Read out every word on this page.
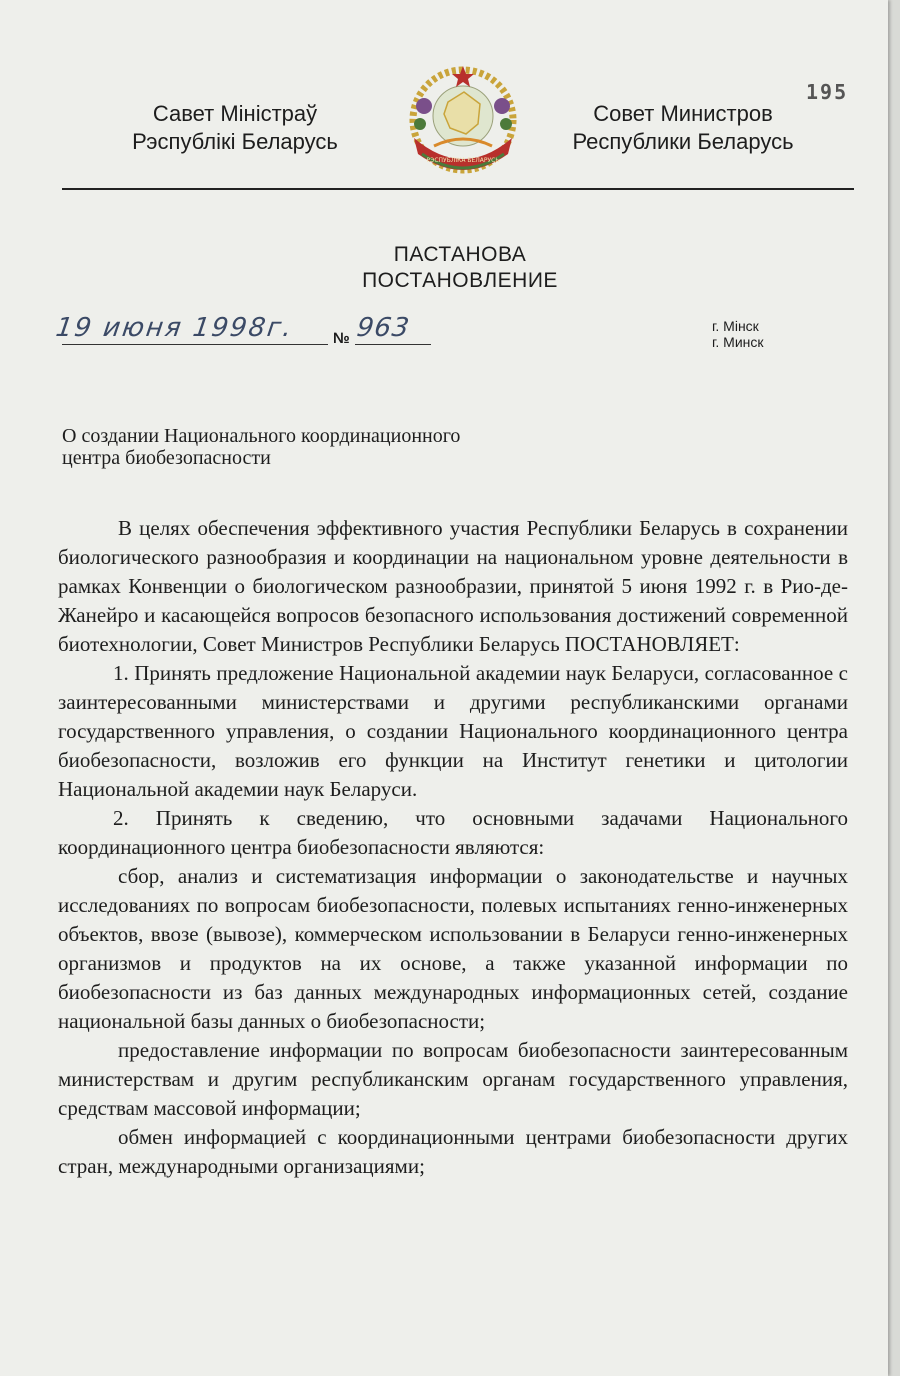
Савет Міністраў
Рэспублікі Беларусь
РЭСПУБЛІКА БЕЛАРУСЬ
Совет Министров
Республики Беларусь
195
ПАСТАНОВА
ПОСТАНОВЛЕНИЕ
19 июня 1998г.	№ 963	г. Мінск
г. Минск
О создании Национального координационного
центра биобезопасности

В целях обеспечения эффективного участия Республики Беларусь в сохранении биологического разнообразия и координации на национальном уровне деятельности в рамках Конвенции о биологическом разнообразии, принятой 5 июня 1992 г. в Рио-де-Жанейро и касающейся вопросов безопасного использования достижений современной биотехнологии, Совет Министров Республики Беларусь ПОСТАНОВЛЯЕТ:

1. Принять предложение Национальной академии наук Беларуси, согласованное с заинтересованными министерствами и другими республиканскими органами государственного управления, о создании Национального координационного центра биобезопасности, возложив его функции на Институт генетики и цитологии Национальной академии наук Беларуси.

2. Принять к сведению, что основными задачами Национального координационного центра биобезопасности являются:

сбор, анализ и систематизация информации о законодательстве и научных исследованиях по вопросам биобезопасности, полевых испытаниях генно-инженерных объектов, ввозе (вывозе), коммерческом использовании в Беларуси генно-инженерных организмов и продуктов на их основе, а также указанной информации по биобезопасности из баз данных международных информационных сетей, создание национальной базы данных о биобезопасности;

предоставление информации по вопросам биобезопасности заинтересованным министерствам и другим республиканским органам государственного управления, средствам массовой информации;

обмен информацией с координационными центрами биобезопасности других стран, международными организациями;
